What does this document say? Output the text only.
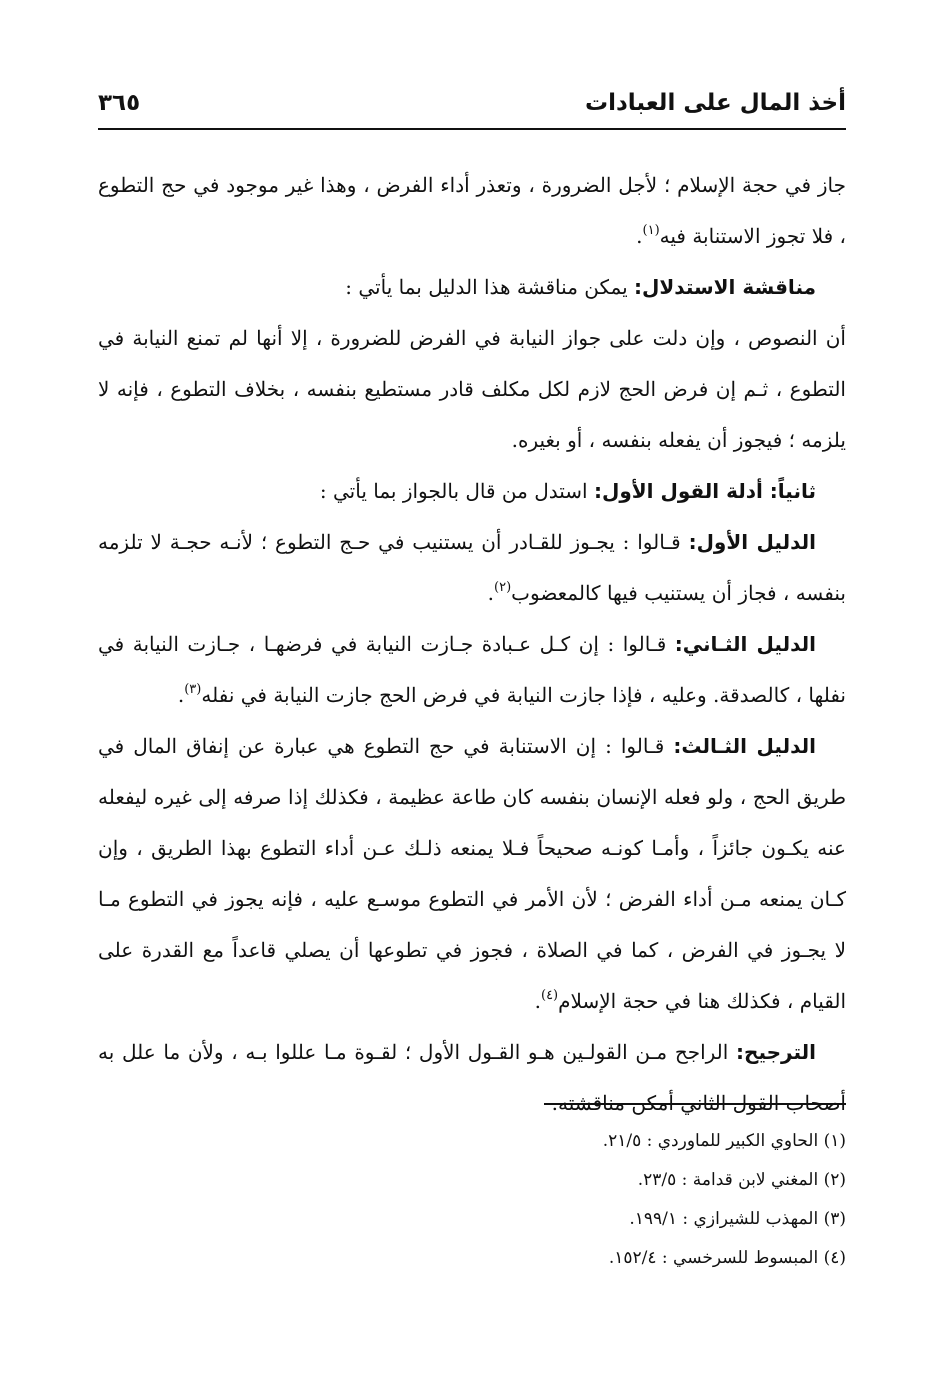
أخذ المال على العبادات
٣٦٥

جاز في حجة الإسلام ؛ لأجل الضرورة ، وتعذر أداء الفرض ، وهذا غير موجود في حج التطوع ، فلا تجوز الاستنابة فيه$^{(١)}$.

مناقشة الاستدلال: يمكن مناقشة هذا الدليل بما يأتي :

أن النصوص ، وإن دلت على جواز النيابة في الفرض للضرورة ، إلا أنها لم تمنع النيابة في التطوع ، ثـم إن فرض الحج لازم لكل مكلف قادر مستطيع بنفسه ، بخلاف التطوع ، فإنه لا يلزمه ؛ فيجوز أن يفعله بنفسه ، أو بغيره.

ثانياً: أدلة القول الأول: استدل من قال بالجواز بما يأتي :

الدليل الأول: قـالوا : يجـوز للقـادر أن يستنيب في حـج التطوع ؛ لأنـه حجـة لا تلزمه بنفسه ، فجاز أن يستنيب فيها كالمعضوب$^{(٢)}$.

الدليل الثـاني: قـالوا : إن كـل عـبادة جـازت النيابة في فرضهـا ، جـازت النيابة في نفلها ، كالصدقة. وعليه ، فإذا جازت النيابة في فرض الحج جازت النيابة في نفله$^{(٣)}$.

الدليل الثـالث: قـالوا : إن الاستنابة في حج التطوع هي عبارة عن إنفاق المال في طريق الحج ، ولو فعله الإنسان بنفسه كان طاعة عظيمة ، فكذلك إذا صرفه إلى غيره ليفعله عنه يكـون جائزاً ، وأمـا كونـه صحيحاً فـلا يمنعه ذلـك عـن أداء التطوع بهذا الطريق ، وإن كـان يمنعه مـن أداء الفرض ؛ لأن الأمر في التطوع موسـع عليه ، فإنه يجوز في التطوع مـا لا يجـوز في الفرض ، كما في الصلاة ، فجوز في تطوعها أن يصلي قاعداً مع القدرة على القيام ، فكذلك هنا في حجة الإسلام$^{(٤)}$.

الترجيح: الراجح مـن القولـين هـو القـول الأول ؛ لقـوة مـا عللوا بـه ، ولأن ما علل به أصحاب القول الثاني أمكن مناقشته.

(١) الحاوي الكبير للماوردي : ٢١/٥.
(٢) المغني لابن قدامة : ٢٣/٥.
(٣) المهذب للشيرازي : ١٩٩/١.
(٤) المبسوط للسرخسي : ١٥٢/٤.
